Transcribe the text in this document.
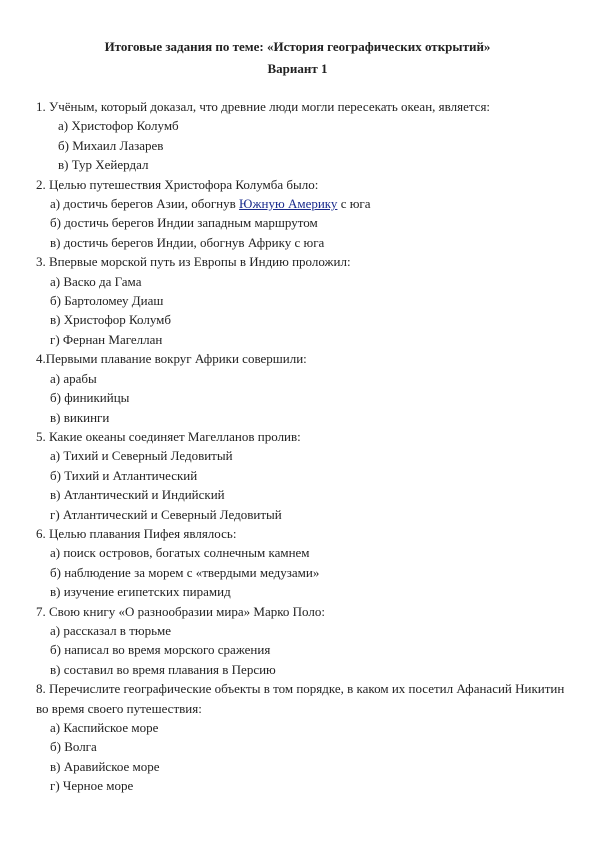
Итоговые задания по теме: «История географических открытий»
Вариант 1
1. Учёным, который доказал, что древние люди могли пересекать океан, является:
а) Христофор Колумб
б) Михаил Лазарев
в) Тур Хейердал
2. Целью путешествия Христофора Колумба было:
а) достичь берегов Азии, обогнув Южную Америку с юга
б) достичь берегов Индии западным маршрутом
в) достичь берегов Индии, обогнув Африку с юга
3. Впервые морской путь из Европы в Индию проложил:
а) Васко да Гама
б) Бартоломеу Диаш
в) Христофор Колумб
г) Фернан Магеллан
4.Первыми плавание вокруг Африки совершили:
а) арабы
б) финикийцы
в) викинги
5. Какие океаны соединяет Магелланов пролив:
а) Тихий и Северный Ледовитый
б) Тихий и Атлантический
в) Атлантический и Индийский
г) Атлантический и Северный Ледовитый
6. Целью плавания Пифея являлось:
а) поиск островов, богатых солнечным камнем
б) наблюдение за морем с «твердыми медузами»
в) изучение египетских пирамид
7. Свою книгу «О разнообразии мира» Марко Поло:
а) рассказал в тюрьме
б) написал во время морского сражения
в) составил во время плавания в Персию
8. Перечислите географические объекты в том порядке, в каком их посетил Афанасий Никитин во время своего путешествия:
а) Каспийское море
б) Волга
в) Аравийское море
г) Черное море
